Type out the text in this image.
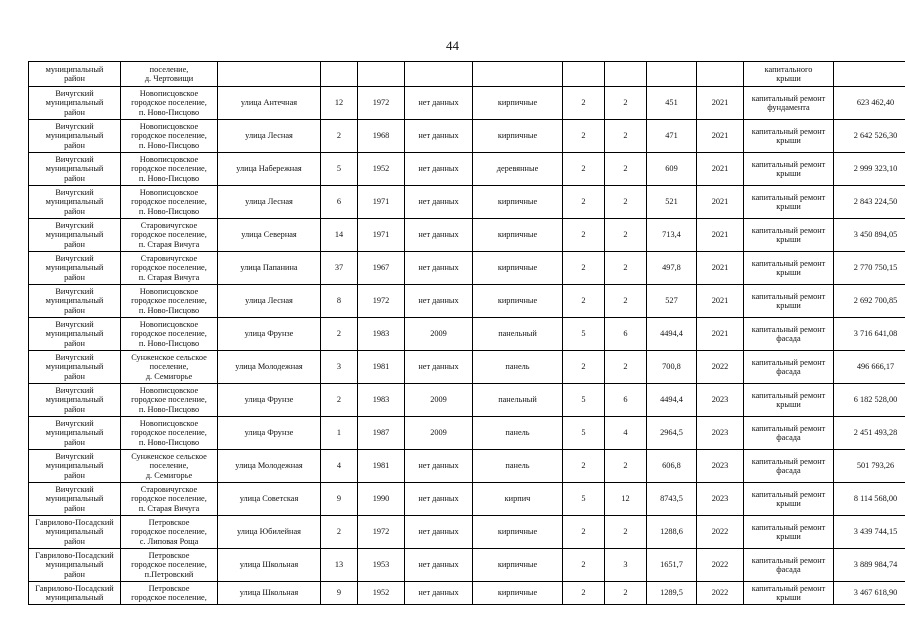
44
муниципальный
район	поселение,
д. Чертовищи										капитального
крыши	
Вичугский
муниципальный
район	Новописцовское
городское поселение,
п. Ново-Писцово	улица Антечная	12	1972	нет данных	кирпичные	2	2	451	2021	капитальный ремонт
фундамента	623 462,40
Вичугский
муниципальный
район	Новописцовское
городское поселение,
п. Ново-Писцово	улица Лесная	2	1968	нет данных	кирпичные	2	2	471	2021	капитальный ремонт
крыши	2 642 526,30
Вичугский
муниципальный
район	Новописцовское
городское поселение,
п. Ново-Писцово	улица Набережная	5	1952	нет данных	деревянные	2	2	609	2021	капитальный ремонт
крыши	2 999 323,10
Вичугский
муниципальный
район	Новописцовское
городское поселение,
п. Ново-Писцово	улица Лесная	6	1971	нет данных	кирпичные	2	2	521	2021	капитальный ремонт
крыши	2 843 224,50
Вичугский
муниципальный
район	Старовичугское
городское поселение,
п. Старая Вичуга	улица Северная	14	1971	нет данных	кирпичные	2	2	713,4	2021	капитальный ремонт
крыши	3 450 894,05
Вичугский
муниципальный
район	Старовичугское
городское поселение,
п. Старая Вичуга	улица Папанина	37	1967	нет данных	кирпичные	2	2	497,8	2021	капитальный ремонт
крыши	2 770 750,15
Вичугский
муниципальный
район	Новописцовское
городское поселение,
п. Ново-Писцово	улица Лесная	8	1972	нет данных	кирпичные	2	2	527	2021	капитальный ремонт
крыши	2 692 700,85
Вичугский
муниципальный
район	Новописцовское
городское поселение,
п. Ново-Писцово	улица Фрунзе	2	1983	2009	панельный	5	6	4494,4	2021	капитальный ремонт
фасада	3 716 641,08
Вичугский
муниципальный
район	Сунженское сельское
поселение,
д. Семигорье	улица Молодежная	3	1981	нет данных	панель	2	2	700,8	2022	капитальный ремонт
фасада	496 666,17
Вичугский
муниципальный
район	Новописцовское
городское поселение,
п. Ново-Писцово	улица Фрунзе	2	1983	2009	панельный	5	6	4494,4	2023	капитальный ремонт
крыши	6 182 528,00
Вичугский
муниципальный
район	Новописцовское
городское поселение,
п. Ново-Писцово	улица Фрунзе	1	1987	2009	панель	5	4	2964,5	2023	капитальный ремонт
фасада	2 451 493,28
Вичугский
муниципальный
район	Сунженское сельское
поселение,
д. Семигорье	улица Молодежная	4	1981	нет данных	панель	2	2	606,8	2023	капитальный ремонт
фасада	501 793,26
Вичугский
муниципальный
район	Старовичугское
городское поселение,
п. Старая Вичуга	улица Советская	9	1990	нет данных	кирпич	5	12	8743,5	2023	капитальный ремонт
крыши	8 114 568,00
Гаврилово-Посадский
муниципальный
район	Петровское
городское поселение,
с. Липовая Роща	улица Юбилейная	2	1972	нет данных	кирпичные	2	2	1288,6	2022	капитальный ремонт
крыши	3 439 744,15
Гаврилово-Посадский
муниципальный
район	Петровское
городское поселение,
п.Петровский	улица Школьная	13	1953	нет данных	кирпичные	2	3	1651,7	2022	капитальный ремонт
фасада	3 889 984,74
Гаврилово-Посадский
муниципальный	Петровское
городское поселение,	улица Школьная	9	1952	нет данных	кирпичные	2	2	1289,5	2022	капитальный ремонт
крыши	3 467 618,90
